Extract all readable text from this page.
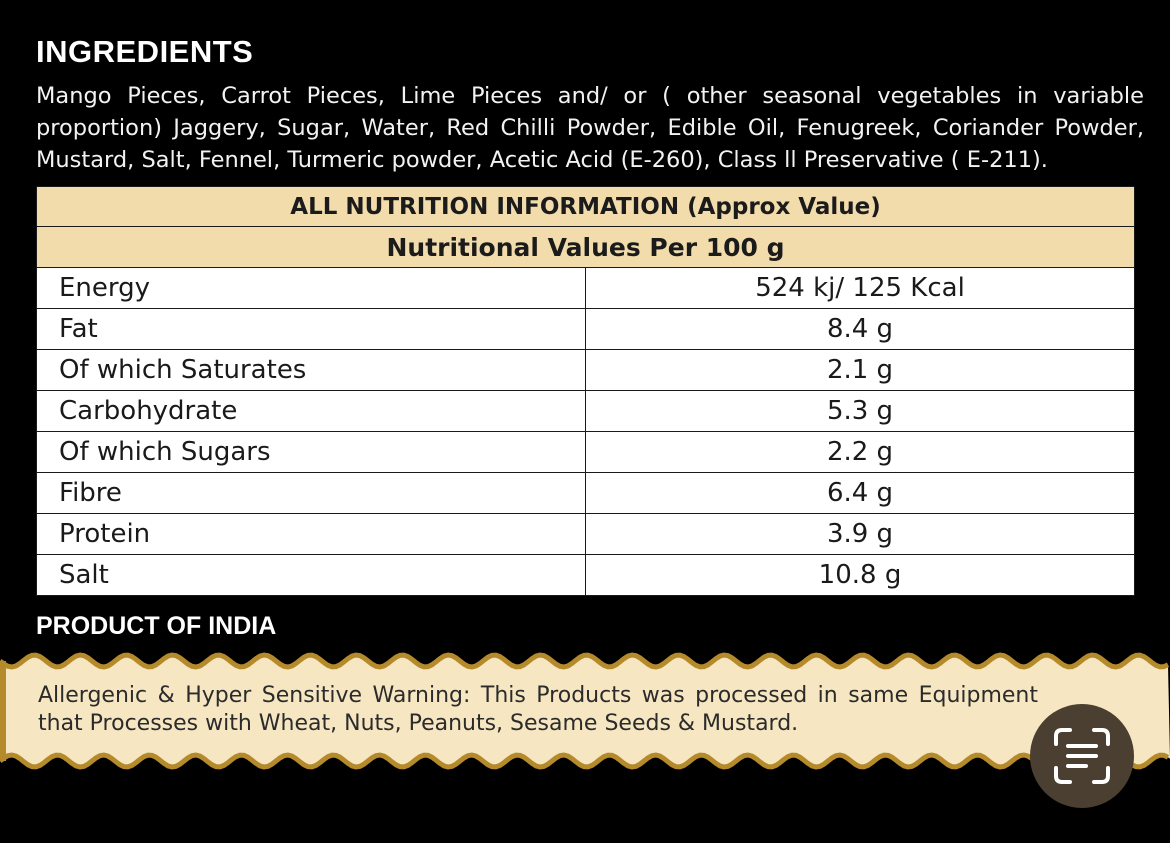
INGREDIENTS
Mango Pieces, Carrot Pieces, Lime Pieces and/ or ( other seasonal vegetables in variable proportion) Jaggery, Sugar, Water, Red Chilli Powder, Edible Oil, Fenugreek, Coriander Powder, Mustard, Salt, Fennel, Turmeric powder, Acetic Acid (E-260), Class ll Preservative ( E-211).
ALL NUTRITION INFORMATION (Approx Value)	
Nutritional Values Per 100 g	
Energy	524 kj/ 125 Kcal
Fat	8.4 g
Of which Saturates	2.1 g
Carbohydrate	5.3 g
Of which Sugars	2.2 g
Fibre	6.4 g
Protein	3.9 g
Salt	10.8 g
PRODUCT OF INDIA
Allergenic & Hyper Sensitive Warning: This Products was processed in same Equipment that Processes with Wheat, Nuts, Peanuts, Sesame Seeds & Mustard.
